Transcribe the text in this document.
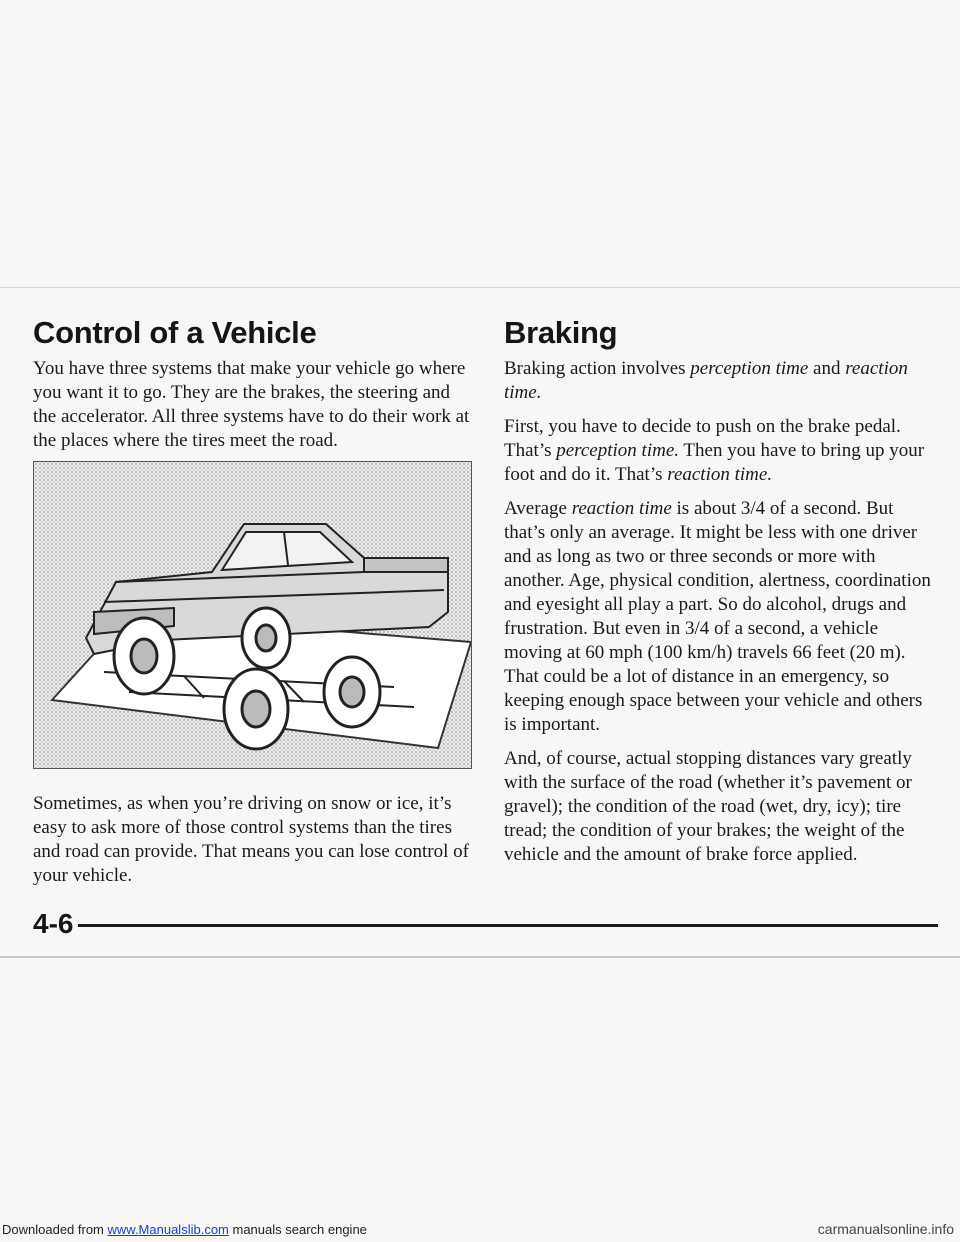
Control of a Vehicle

You have three systems that make your vehicle go where you want it to go. They are the brakes, the steering and the accelerator. All three systems have to do their work at the places where the tires meet the road.

Sometimes, as when you’re driving on snow or ice, it’s easy to ask more of those control systems than the tires and road can provide. That means you can lose control of your vehicle.

Braking

Braking action involves perception time and reaction time.

First, you have to decide to push on the brake pedal. That’s perception time. Then you have to bring up your foot and do it. That’s reaction time.

Average reaction time is about 3/4 of a second. But that’s only an average. It might be less with one driver and as long as two or three seconds or more with another. Age, physical condition, alertness, coordination and eyesight all play a part. So do alcohol, drugs and frustration. But even in 3/4 of a second, a vehicle moving at 60 mph (100 km/h) travels 66 feet (20 m). That could be a lot of distance in an emergency, so keeping enough space between your vehicle and others is important.

And, of course, actual stopping distances vary greatly with the surface of the road (whether it’s pavement or gravel); the condition of the road (wet, dry, icy); tire tread; the condition of your brakes; the weight of the vehicle and the amount of brake force applied.

4-6
Downloaded from www.Manualslib.com manuals search engine	carmanualsonline.info
